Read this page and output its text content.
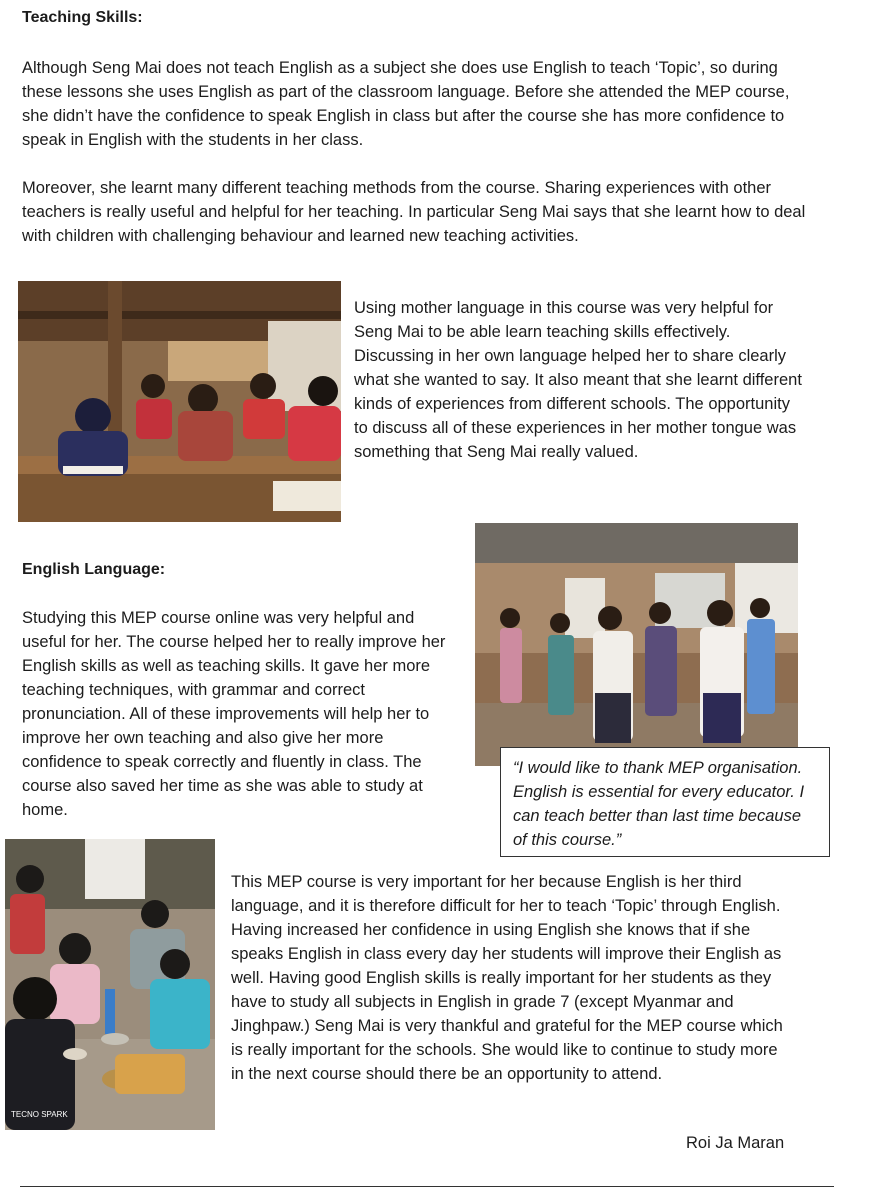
Teaching Skills:

Although Seng Mai does not teach English as a subject she does use English to teach ‘Topic’, so during these lessons she uses English as part of the classroom language. Before she attended the MEP course, she didn’t have the confidence to speak English in class but after the course she has more confidence to speak in English with the students in her class.

Moreover, she learnt many different teaching methods from the course. Sharing experiences with other teachers is really useful and helpful for her teaching. In particular Seng Mai says that she learnt how to deal with children with challenging behaviour and learned new teaching activities.

Using mother language in this course was very helpful for Seng Mai to be able learn teaching skills effectively. Discussing in her own language helped her to share clearly what she wanted to say. It also meant that she learnt different kinds of experiences from different schools. The opportunity to discuss all of these experiences in her mother tongue was something that Seng Mai really valued.

English Language:

Studying this MEP course online was very helpful and useful for her. The course helped her to really improve her English skills as well as teaching skills. It gave her more teaching techniques, with grammar and correct pronunciation. All of these improvements will help her to improve her own teaching and also give her more confidence to speak correctly and fluently in class. The course also saved her time as she was able to study at home.

“I would like to thank MEP organisation. English is essential for every educator. I can teach better than last time because of this course.”
TECNO SPARK

This MEP course is very important for her because English is her third language, and it is therefore difficult for her to teach ‘Topic’ through English. Having increased her confidence in using English she knows that if she speaks English in class every day her students will improve their English as well. Having good English skills is really important for her students as they have to study all subjects in English in grade 7 (except Myanmar and Jinghpaw.) Seng Mai is very thankful and grateful for the MEP course which is really important for the schools. She would like to continue to study more in the next course should there be an opportunity to attend.

Roi Ja Maran
